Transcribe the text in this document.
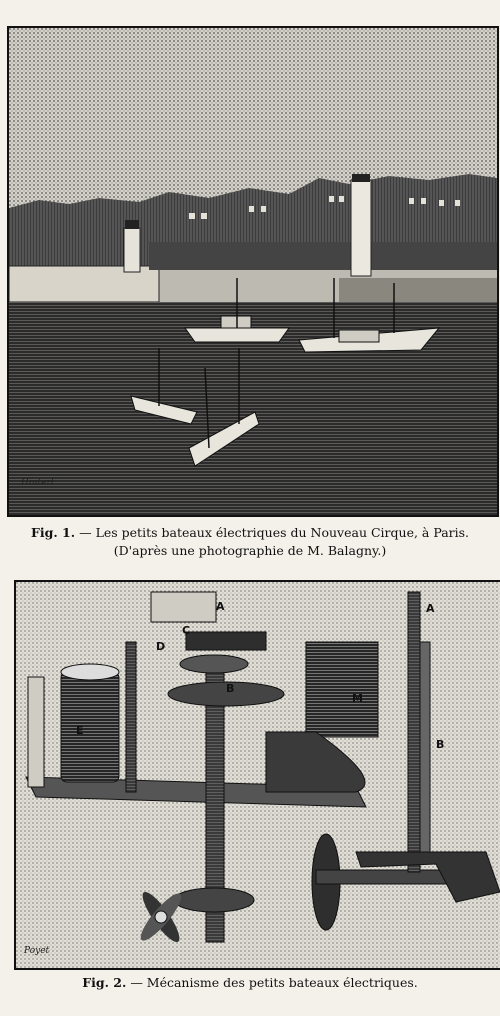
Hinterl
Fig. 1. — Les petits bateaux électriques du Nouveau Cirque, à Paris.
(D'après une photographie de M. Balagny.)
A
C
D
B
M
E
A
B
Poyet
Fig. 2. — Mécanisme des petits bateaux électriques.
